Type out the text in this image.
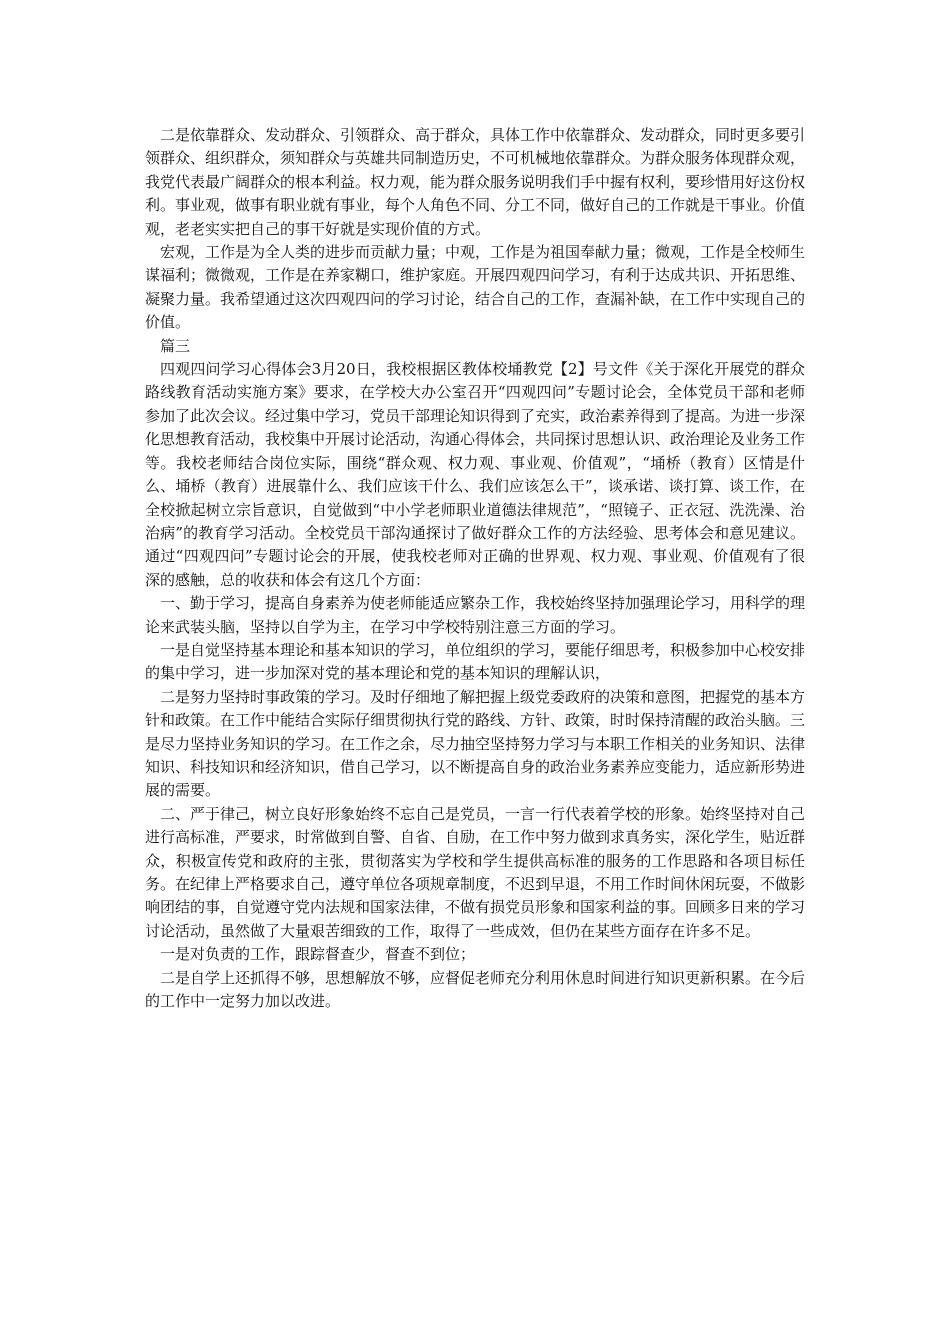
二是依靠群众、发动群众、引领群众、高于群众，具体工作中依靠群众、发动群众，同时更多要引领群众、组织群众，须知群众与英雄共同制造历史，不可机械地依靠群众。为群众服务体现群众观，我党代表最广阔群众的根本利益。权力观，能为群众服务说明我们手中握有权利，要珍惜用好这份权利。事业观，做事有职业就有事业，每个人角色不同、分工不同，做好自己的工作就是干事业。价值观，老老实实把自己的事干好就是实现价值的方式。

宏观，工作是为全人类的进步而贡献力量；中观，工作是为祖国奉献力量；微观，工作是全校师生谋福利；微微观，工作是在养家糊口，维护家庭。开展四观四问学习，有利于达成共识、开拓思维、凝聚力量。我希望通过这次四观四问的学习讨论，结合自己的工作，查漏补缺，在工作中实现自己的价值。

篇三

四观四问学习心得体会3月20日，我校根据区教体校埇教党【2】号文件《关于深化开展党的群众路线教育活动实施方案》要求，在学校大办公室召开“四观四问”专题讨论会，全体党员干部和老师参加了此次会议。经过集中学习，党员干部理论知识得到了充实，政治素养得到了提高。为进一步深化思想教育活动，我校集中开展讨论活动，沟通心得体会，共同探讨思想认识、政治理论及业务工作等。我校老师结合岗位实际，围绕“群众观、权力观、事业观、价值观”，“埇桥（教育）区情是什么、埇桥（教育）进展靠什么、我们应该干什么、我们应该怎么干”，谈承诺、谈打算、谈工作，在全校掀起树立宗旨意识，自觉做到“中小学老师职业道德法律规范”，“照镜子、正衣冠、洗洗澡、治治病”的教育学习活动。全校党员干部沟通探讨了做好群众工作的方法经验、思考体会和意见建议。通过“四观四问”专题讨论会的开展，使我校老师对正确的世界观、权力观、事业观、价值观有了很深的感触，总的收获和体会有这几个方面：

一、勤于学习，提高自身素养为使老师能适应繁杂工作，我校始终坚持加强理论学习，用科学的理论来武装头脑，坚持以自学为主，在学习中学校特别注意三方面的学习。

一是自觉坚持基本理论和基本知识的学习，单位组织的学习，要能仔细思考，积极参加中心校安排的集中学习，进一步加深对党的基本理论和党的基本知识的理解认识，

二是努力坚持时事政策的学习。及时仔细地了解把握上级党委政府的决策和意图，把握党的基本方针和政策。在工作中能结合实际仔细贯彻执行党的路线、方针、政策，时时保持清醒的政治头脑。三是尽力坚持业务知识的学习。在工作之余，尽力抽空坚持努力学习与本职工作相关的业务知识、法律知识、科技知识和经济知识，借自己学习，以不断提高自身的政治业务素养应变能力，适应新形势进展的需要。

二、严于律己，树立良好形象始终不忘自己是党员，一言一行代表着学校的形象。始终坚持对自己进行高标准，严要求，时常做到自警、自省、自励，在工作中努力做到求真务实，深化学生，贴近群众，积极宣传党和政府的主张，贯彻落实为学校和学生提供高标准的服务的工作思路和各项目标任务。在纪律上严格要求自己，遵守单位各项规章制度，不迟到早退，不用工作时间休闲玩耍，不做影响团结的事，自觉遵守党内法规和国家法律，不做有损党员形象和国家利益的事。回顾多日来的学习讨论活动，虽然做了大量艰苦细致的工作，取得了一些成效，但仍在某些方面存在许多不足。

一是对负责的工作，跟踪督查少，督查不到位；

二是自学上还抓得不够，思想解放不够，应督促老师充分利用休息时间进行知识更新积累。在今后的工作中一定努力加以改进。
